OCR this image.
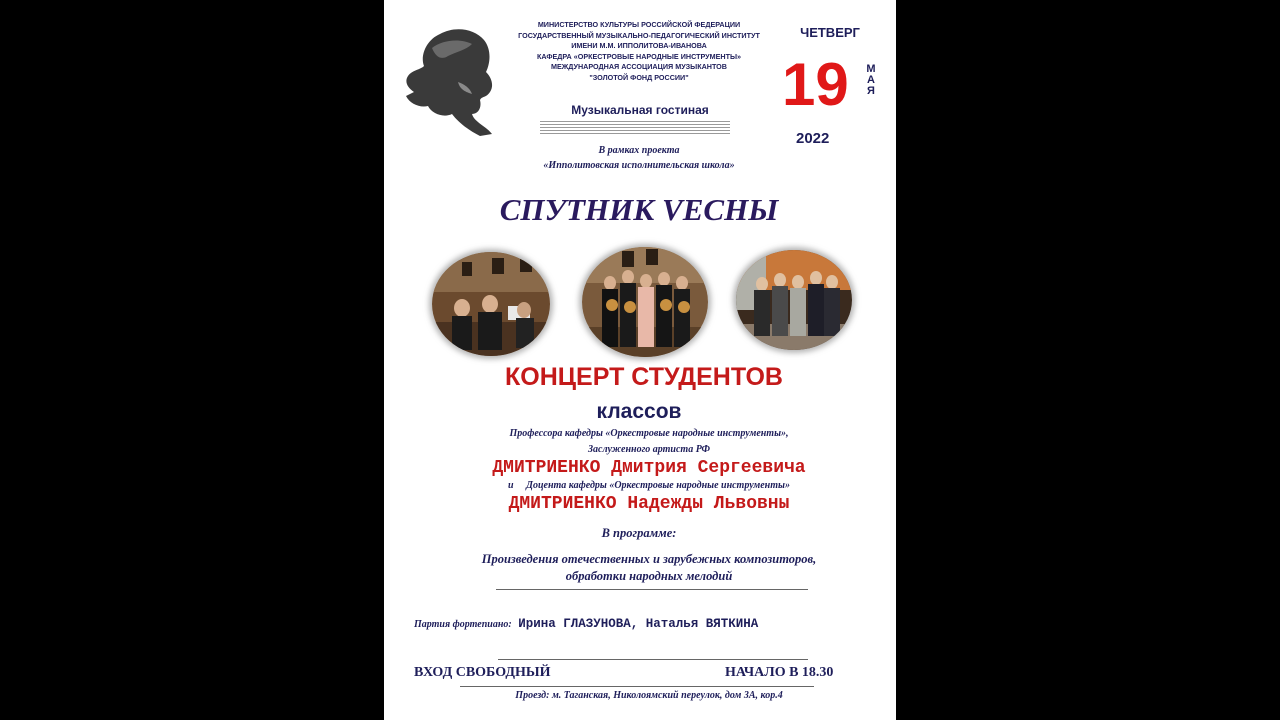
МИНИСТЕРСТВО КУЛЬТУРЫ РОССИЙСКОЙ ФЕДЕРАЦИИ
ГОСУДАРСТВЕННЫЙ МУЗЫКАЛЬНО-ПЕДАГОГИЧЕСКИЙ ИНСТИТУТ
ИМЕНИ М.М. ИППОЛИТОВА-ИВАНОВА
КАФЕДРА «ОРКЕСТРОВЫЕ НАРОДНЫЕ ИНСТРУМЕНТЫ»
МЕЖДУНАРОДНАЯ АССОЦИАЦИЯ МУЗЫКАНТОВ
"ЗОЛОТОЙ ФОНД РОССИИ"
Музыкальная гостиная
В рамках проекта
«Ипполитовская исполнительская школа»
ЧЕТВЕРГ
19 МАЯ
2022
СПУТНИК VЕСНЫ
КОНЦЕРТ СТУДЕНТОВ
классов
Профессора кафедры «Оркестровые народные инструменты»,
Заслуженного артиста РФ
ДМИТРИЕНКО Дмитрия Сергеевича
и Доцента кафедры «Оркестровые народные инструменты»
ДМИТРИЕНКО Надежды Львовны
В программе:
Произведения отечественных и зарубежных композиторов,
обработки народных мелодий
Партия фортепиано: Ирина ГЛАЗУНОВА, Наталья ВЯТКИНА
ВХОД СВОБОДНЫЙ	НАЧАЛО В 18.30
Проезд: м. Таганская, Николоямский переулок, дом 3А, кор.4
